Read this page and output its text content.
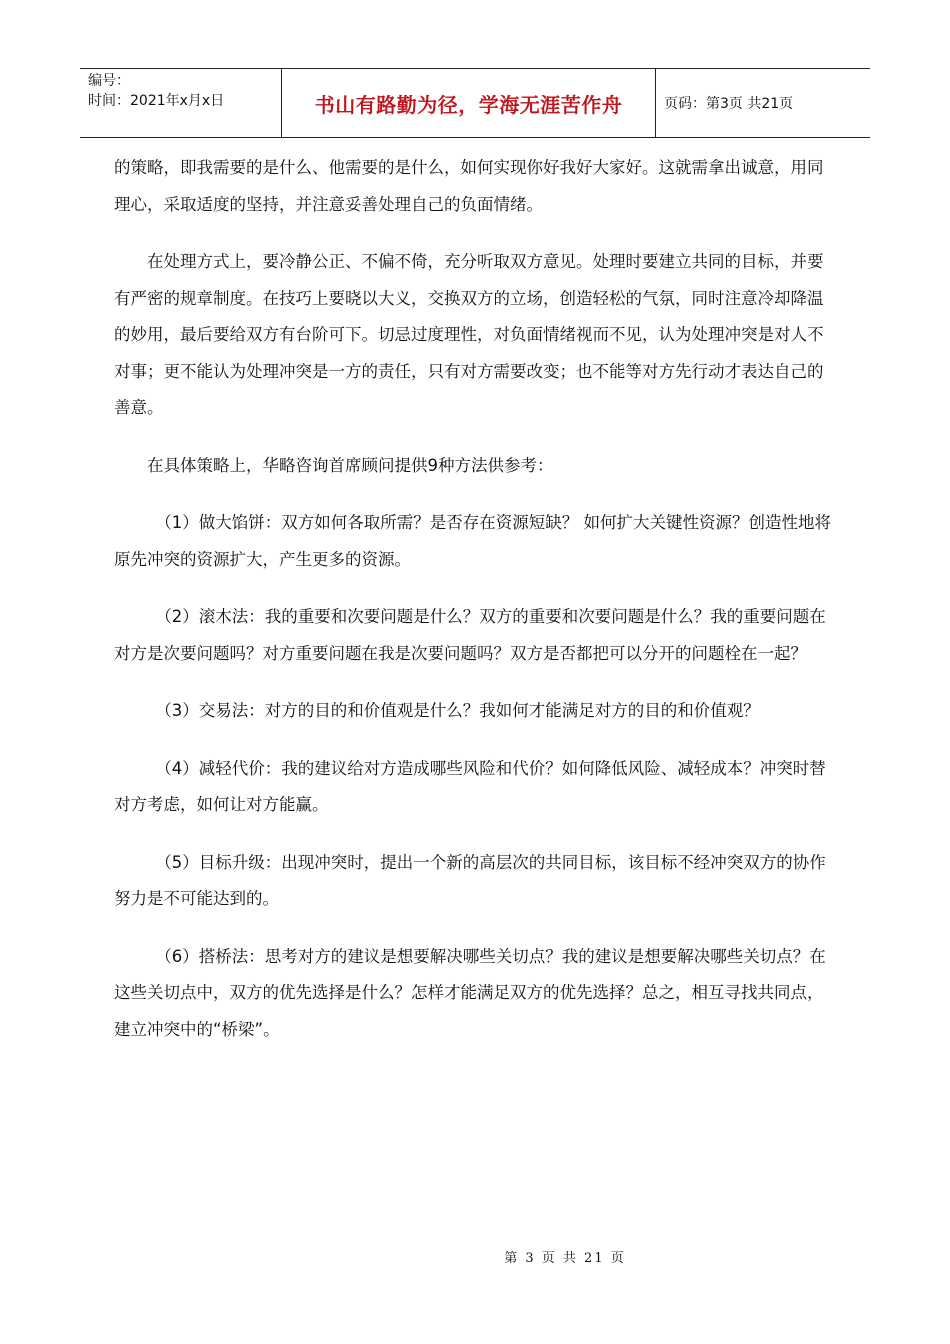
编号：
时间：2021年x月x日	书山有路勤为径，学海无涯苦作舟	页码：第3页 共21页

的策略，即我需要的是什么、他需要的是什么，如何实现你好我好大家好。这就需拿出诚意，用同理心，采取适度的坚持，并注意妥善处理自己的负面情绪。

在处理方式上，要冷静公正、不偏不倚，充分听取双方意见。处理时要建立共同的目标，并要有严密的规章制度。在技巧上要晓以大义，交换双方的立场，创造轻松的气氛，同时注意冷却降温的妙用，最后要给双方有台阶可下。切忌过度理性，对负面情绪视而不见，认为处理冲突是对人不对事；更不能认为处理冲突是一方的责任，只有对方需要改变；也不能等对方先行动才表达自己的善意。

在具体策略上，华略咨询首席顾问提供9种方法供参考：

（1）做大馅饼：双方如何各取所需？是否存在资源短缺？ 如何扩大关键性资源？创造性地将原先冲突的资源扩大，产生更多的资源。

（2）滚木法：我的重要和次要问题是什么？双方的重要和次要问题是什么？我的重要问题在对方是次要问题吗？对方重要问题在我是次要问题吗？双方是否都把可以分开的问题栓在一起？

（3）交易法：对方的目的和价值观是什么？我如何才能满足对方的目的和价值观？

（4）减轻代价：我的建议给对方造成哪些风险和代价？如何降低风险、减轻成本？冲突时替对方考虑，如何让对方能赢。

（5）目标升级：出现冲突时，提出一个新的高层次的共同目标，该目标不经冲突双方的协作努力是不可能达到的。

（6）搭桥法：思考对方的建议是想要解决哪些关切点？我的建议是想要解决哪些关切点？在这些关切点中，双方的优先选择是什么？怎样才能满足双方的优先选择？总之，相互寻找共同点，建立冲突中的“桥梁”。

第 3 页 共 21 页
